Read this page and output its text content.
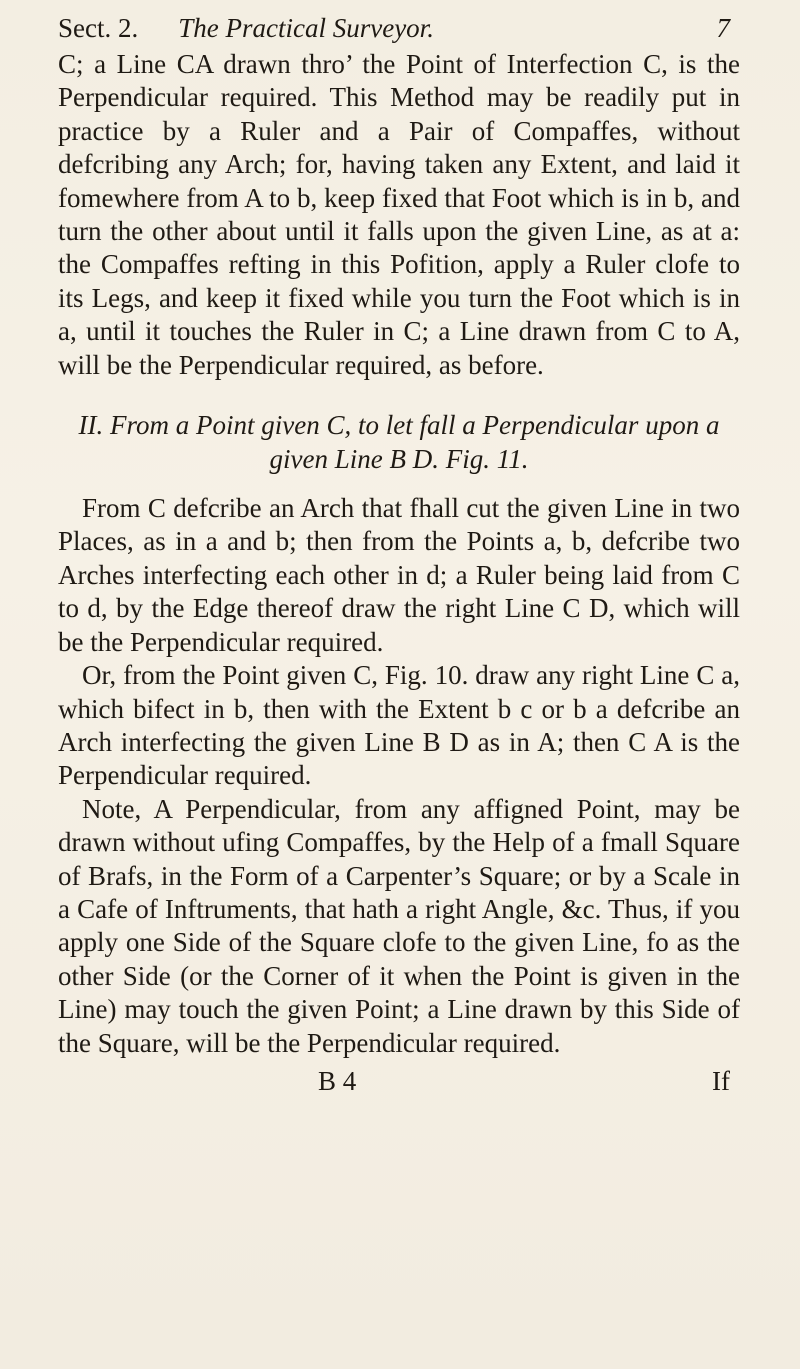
Sect. 2. The Practical Surveyor.	7

C; a Line CA drawn thro’ the Point of Interfection C, is the Perpendicular required. This Method may be readily put in practice by a Ruler and a Pair of Compaffes, without defcribing any Arch; for, having taken any Extent, and laid it fomewhere from A to b, keep fixed that Foot which is in b, and turn the other about until it falls upon the given Line, as at a: the Compaffes refting in this Pofition, apply a Ruler clofe to its Legs, and keep it fixed while you turn the Foot which is in a, until it touches the Ruler in C; a Line drawn from C to A, will be the Perpendicular required, as before.

II. From a Point given C, to let fall a Perpendicular upon a given Line B D. Fig. 11.

From C defcribe an Arch that fhall cut the given Line in two Places, as in a and b; then from the Points a, b, defcribe two Arches interfecting each other in d; a Ruler being laid from C to d, by the Edge thereof draw the right Line C D, which will be the Perpendicular required.

Or, from the Point given C, Fig. 10. draw any right Line C a, which bifect in b, then with the Extent b c or b a defcribe an Arch interfecting the given Line B D as in A; then C A is the Perpendicular required.

Note, A Perpendicular, from any affigned Point, may be drawn without ufing Compaffes, by the Help of a fmall Square of Brafs, in the Form of a Carpenter’s Square; or by a Scale in a Cafe of Inftruments, that hath a right Angle, &c. Thus, if you apply one Side of the Square clofe to the given Line, fo as the other Side (or the Corner of it when the Point is given in the Line) may touch the given Point; a Line drawn by this Side of the Square, will be the Perpendicular required.

B 4	If
